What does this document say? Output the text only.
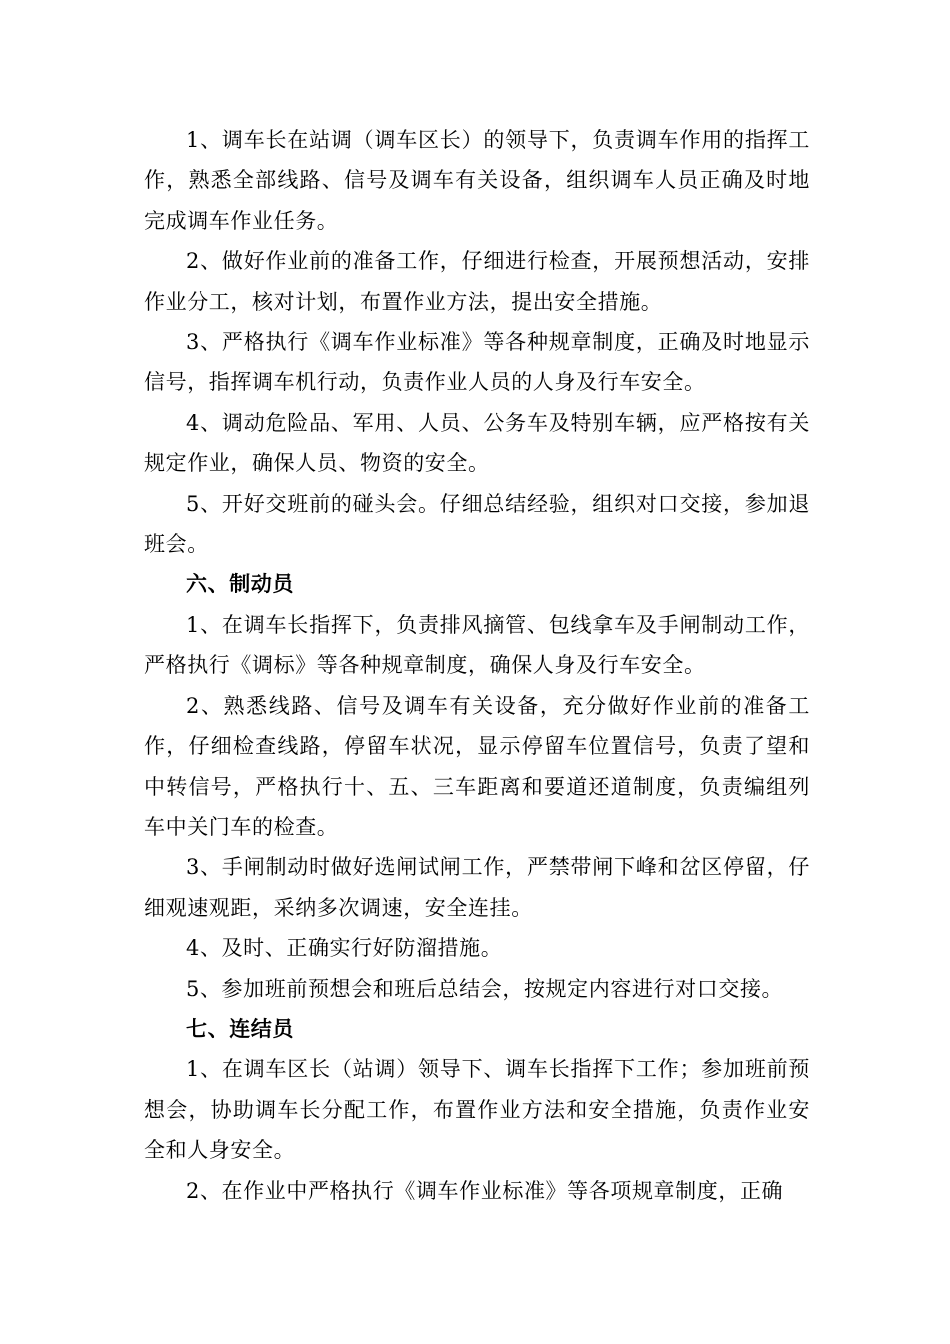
1、调车长在站调（调车区长）的领导下，负责调车作用的指挥工作，熟悉全部线路、信号及调车有关设备，组织调车人员正确及时地完成调车作业任务。

2、做好作业前的准备工作，仔细进行检查，开展预想活动，安排作业分工，核对计划，布置作业方法，提出安全措施。

3、严格执行《调车作业标准》等各种规章制度，正确及时地显示信号，指挥调车机行动，负责作业人员的人身及行车安全。

4、调动危险品、军用、人员、公务车及特别车辆，应严格按有关规定作业，确保人员、物资的安全。

5、开好交班前的碰头会。仔细总结经验，组织对口交接，参加退班会。

六、制动员

1、在调车长指挥下，负责排风摘管、包线拿车及手闸制动工作，严格执行《调标》等各种规章制度，确保人身及行车安全。

2、熟悉线路、信号及调车有关设备，充分做好作业前的准备工作，仔细检查线路，停留车状况，显示停留车位置信号，负责了望和中转信号，严格执行十、五、三车距离和要道还道制度，负责编组列车中关门车的检查。

3、手闸制动时做好选闸试闸工作，严禁带闸下峰和岔区停留，仔细观速观距，采纳多次调速，安全连挂。

4、及时、正确实行好防溜措施。

5、参加班前预想会和班后总结会，按规定内容进行对口交接。

七、连结员

1、在调车区长（站调）领导下、调车长指挥下工作；参加班前预想会，协助调车长分配工作，布置作业方法和安全措施，负责作业安全和人身安全。

2、在作业中严格执行《调车作业标准》等各项规章制度，正确
